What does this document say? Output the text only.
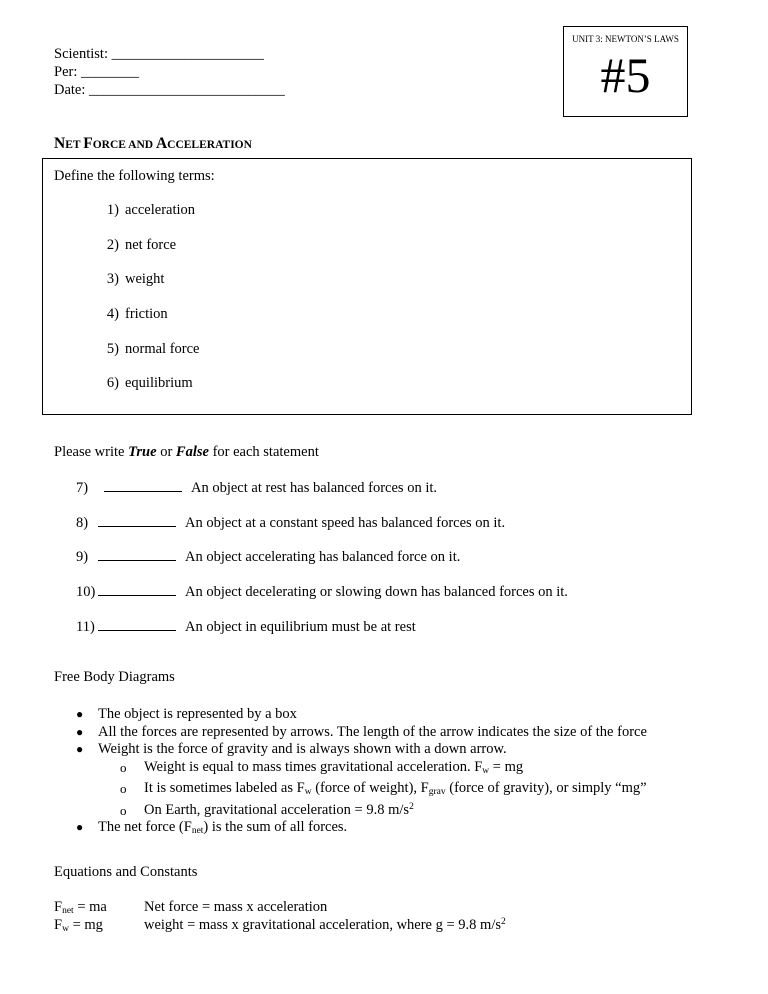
Scientist: _____________________
Per: ________
Date: ___________________________
UNIT 3: NEWTON’S LAWS
#5
NET FORCE AND ACCELERATION
Define the following terms:
1) acceleration
2) net force
3) weight
4) friction
5) normal force
6) equilibrium
Please write True or False for each statement
7)	An object at rest has balanced forces on it.
8)	An object at a constant speed has balanced forces on it.
9)	An object accelerating has balanced force on it.
10)	An object decelerating or slowing down has balanced forces on it.
11)	An object in equilibrium must be at rest
Free Body Diagrams
● The object is represented by a box
● All the forces are represented by arrows. The length of the arrow indicates the size of the force
● Weight is the force of gravity and is always shown with a down arrow.
o Weight is equal to mass times gravitational acceleration. $F_w$ = mg
o It is sometimes labeled as $F_w$ (force of weight), $F_{grav}$ (force of gravity), or simply “mg”
o On Earth, gravitational acceleration = 9.8 $m/s^2$
● The net force $(F_{net})$ is the sum of all forces.
Equations and Constants
$F_{net}$ = ma	Net force = mass x acceleration
$F_w$ = mg	weight = mass x gravitational acceleration, where g = 9.8 $m/s^2$
